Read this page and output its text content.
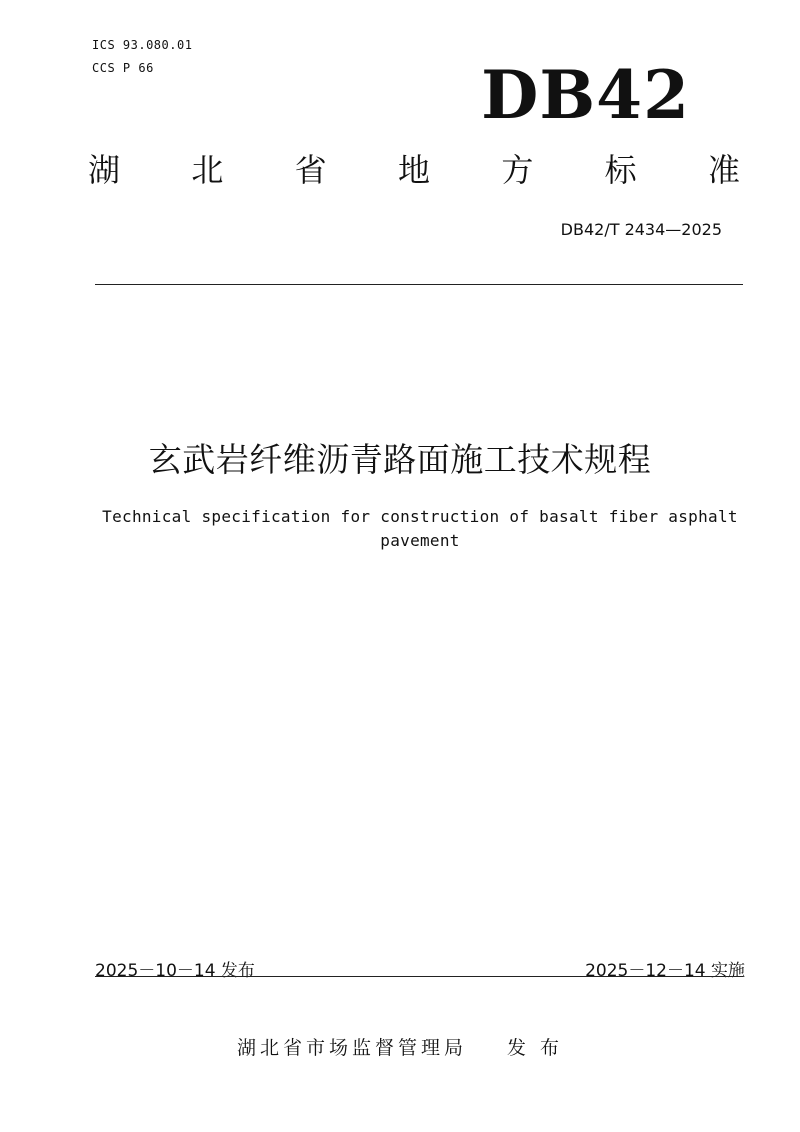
ICS 93.080.01
CCS P 66	DB42
湖 北 省 地 方 标 准
DB42/T 2434—2025
玄武岩纤维沥青路面施工技术规程
Technical specification for construction of basalt fiber asphalt pavement
2025－10－14 发布	2025－12－14 实施
湖北省市场监督管理局 发 布
